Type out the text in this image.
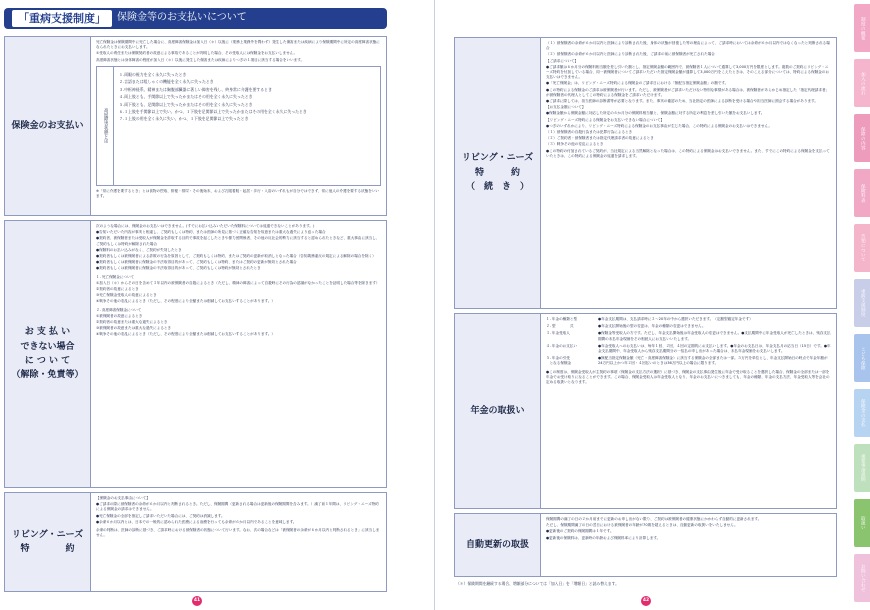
「重病支援制度」	保険金等のお支払いについて
保険金のお支払い

死亡保険金は保険期間中に死亡した場合に、高度障害保険金は加入日（＊）以後に（業務上業務外を問わず）発生した傷害または疾病により保険期間中に所定の高度障害状態になられたときにお支払いします。

①受取人の責任または保険契約者の故意による事故であることが判明した場合、その受取人には保険金をお支払いしません。

高度障害状態とは身体障害の程度が加入日（＊）以後に発生した傷害または疾病によりつぎの１項目に該当する場合をいいます。

高度障害状態とは
１.両眼の視力を全く永久に失ったとき
２.言語または咀しゃくの機能を全く永久に失ったとき
３.中枢神経系、精神または胸腹部臓器に著しい障害を残し、終身常に介護を要するとき
４.両上肢とも、手関節以上で失ったかまたはその用を全く永久に失ったとき
５.両下肢とも、足関節以上で失ったかまたはその用を全く永久に失ったとき
６.１上肢を手関節以上で失い、かつ、１下肢を足関節以上で失ったかまたはその用を全く永久に失ったとき
７.１上肢の用を全く永久に失い、かつ、１下肢を足関節以上で失ったとき

※「常に介護を要するとき」とは食物の摂取、排便・排尿・その後始末、および衣服着脱・起居・歩行・入浴のいずれもが自分ではできず、常に他人の介護を要する状態をいいます。

お 支 払 い
できない場合
に つ い て
（解除・免責等）

次のような場合には、保険金のお支払いはできません。(すでにお払い込みいただいた保険料については返還できないことがあります。)

●告知いただいた内容が事実と相違し、ご契約もしくは特約、または医師の所見に基づく正確な告知を故意または重大な過失により怠った場合

●契約者、被保険者または受取人が保険金を詐取する目的で事故を起こしたときや暴力団関係者、その他の反社会的勢力に該当すると認められたときなど、重大事由に該当し、ご契約もしくは特約が解除された場合

●保険料のお払い込みがなく、ご契約が失効したとき

●契約者もしくは被保険者による詐欺の行為を原因として、ご契約もしくは特約、またはご契約の更新が取消しとなった場合（告知義務違反の規定による解除の場合を除く）

●契約者もしくは被保険者に保険金の不法取得目的があって、ご契約もしくは特約、またはご契約の更新が無効とされた場合

●契約者もしくは被保険者に保険金の不法取得目的があって、ご契約もしくは特約が無効とされたとき

１. 死亡保険金について

①加入日（＊）からその日を含めて３年以内の被保険者の自殺によるとき（ただし、精神の障害によって自殺時にその行為の認識がなかったことを証明した場合等を除きます）

②契約者の故意によるとき

③死亡保険金受取人の故意によるとき

④戦争その他の変乱によるとき（ただし、その程度により全額または削減してお支払いすることがあります。）

２. 高度障害保険金について

①被保険者の故意によるとき

②契約者の故意または重大な過失によるとき

③被保険者の故意または重大な過失によるとき

④戦争その他の変乱によるとき（ただし、その程度により全額または削減してお支払いすることがあります。）

リビング・ニーズ
特　　　　約

【保険金のお支払事由について】

●ご請求の際に被保険者の余命が６か月以内と判断されるとき。ただし、保険期間（更新される場合は更新後の保険期間を含みます。）満了前１年間は、リビング・ニーズ特約による保険金の請求はできません。

●死亡保険金の全部を指定しご請求いただいた場合には、ご契約は消滅します。

●余命６か月以内とは、日本での一般的に認められた医療による治療を行っても余命が６か月以内であることを意味します。

余命の判断は、医師の診断に基づき、ご請求時における被保険者の状態について行います。なお、次の場合などは「被保険者の余命が６か月以内と判断されるとき」に該当しません。

41
リビング・ニーズ
特　　　約
（　続　き　）

（１）被保険者の余命が６か月以内と医師により診断された後、身体の状態が回復した等の理由によって、ご請求時においては余命が６か月以内ではなくなったと判断される場合

（２）被保険者の余命が６か月以内と医師により診断された後、ご請求の前に被保険者が死亡された場合

【ご請求について】

●ご請求額は６か月分の保険料相当額を差し引いた額とし、指定保険金額の範囲内で、被保険者１人について通算して3,000万円を限度とします。複数のご契約にリビング・ニーズ特約を付加している場合、同一被保険者についてご請求いただいた指定保険金額が通算して3,000万円をこえたときは、そのこえる部分については、特約による保険金のお支払いはできません。

●「死亡保険金」は、リビング・ニーズ特約による保険金のご請求日における「無配当指定保険金額」の額です。

●この特約による保険金のご請求は被保険者が行います。ただし、被保険者がご請求いただけない特別な事情がある場合は、被保険者があらかじめ指定した「指定代理請求者」が被保険者の代理人としてこの特約による保険金をご請求いただけます。

●ご請求に際しては、担当医師の診断書等が必要となります。また、事実の確認のため、当社指定の医師による診断を受ける場合や担当医師に照会する場合があります。

【お支払金額について】

●保険金額から保険金額に対応した所定の６か月分の保険料相当額と、保険金額に対する所定の利息を差し引いた額をお支払いします。

【リビング・ニーズ特約による保険金をお支払いできない場合について】

●つぎのいずれかにより、リビング・ニーズ特約による保険金のお支払事由が生じた場合、この特約による保険金のお支払いはできません。

（１）被保険者の自殺行為または犯罪行為によるとき

（２）ご契約者・被保険者または指定代理請求者の故意によるとき

（３）戦争その他の変乱によるとき

●この特約の付加されているご契約が、当社規定による当然解除となった場合は、この特約による保険金はお支払いできません。また、すでにこの特約による保険金を支払っていたときは、この特約による保険金の返還を請求します。

年金の取扱い
１. 年金の種類と型	●年金支払期間は、支払請求時に２〜20年の中から選択いただきます。（定額型確定年金です）
２. 型　　　　式	●年金支払開始後の型の変更は、年金の種類の変更はできません。
３. 年金受取人	●保険金等受取人の方です。ただし、年金支払開始後は年金受取人の変更はできません。●支払期間中に年金受取人が死亡したときは、残存支払期間の未払年金現価をその相続人にお支払いいたします。
４. 年金のお支払い	●年金受取人へのお支払いは、毎年１回、２回、４回の定期的にお支払いします。●年金のお支払日は、年金支払月の応当日（15日）です。●年金支払期間中、年金受取人から残存支払期間分の一括払の申し出があった場合は、未払年金現価をお支払いします。
５. 年金の引受
　となる保険金
●無配当指定保険金額（死亡・高度障害保険金）に該当する保険金の全部または一部。５万円を単位とし、年金支払開始日の時点で年金年額が24万円以上かつ年２回・４回払いのときは36万円以上の場合に限ります。

●この制度は、保険金受取人が主契約の事項（保険金の支払方法の選択）に基づき、保険金の支払事由発生後に年金で受け取ることを選択した場合、保険金の全部または一部を年金でお受け取りになることができます。この場合、保険金受取人は年金受取人となり、年金のお支払いにつきましても、年金の種類、年金の支払方法、年金受取人等を会社の定める取扱いとなります。

自動更新の取扱

保険期間の満了の日の２か月前までに更新のお申し出がない限り、ご契約は被保険者の健康状態にかかわらず自動的に更新されます。

ただし、保険期間満了の日の翌日における被保険者の年齢が70歳を超えるときは、自動更新の取扱いをいたしません。

●更新後のご契約の保険期間は１年です。

●更新後の保険料は、更新時の年齢および保険料率により計算します。

（＊）保険期間を継続する場合、増額部分については「加入日」を「増額日」と読み替えます。
42
制度の概要
加入の流れ
保障の内容
保険料表
告知について
重病支援制度
こども保障
保険金の支払
重要事項説明
取扱い
お問い合わせ
